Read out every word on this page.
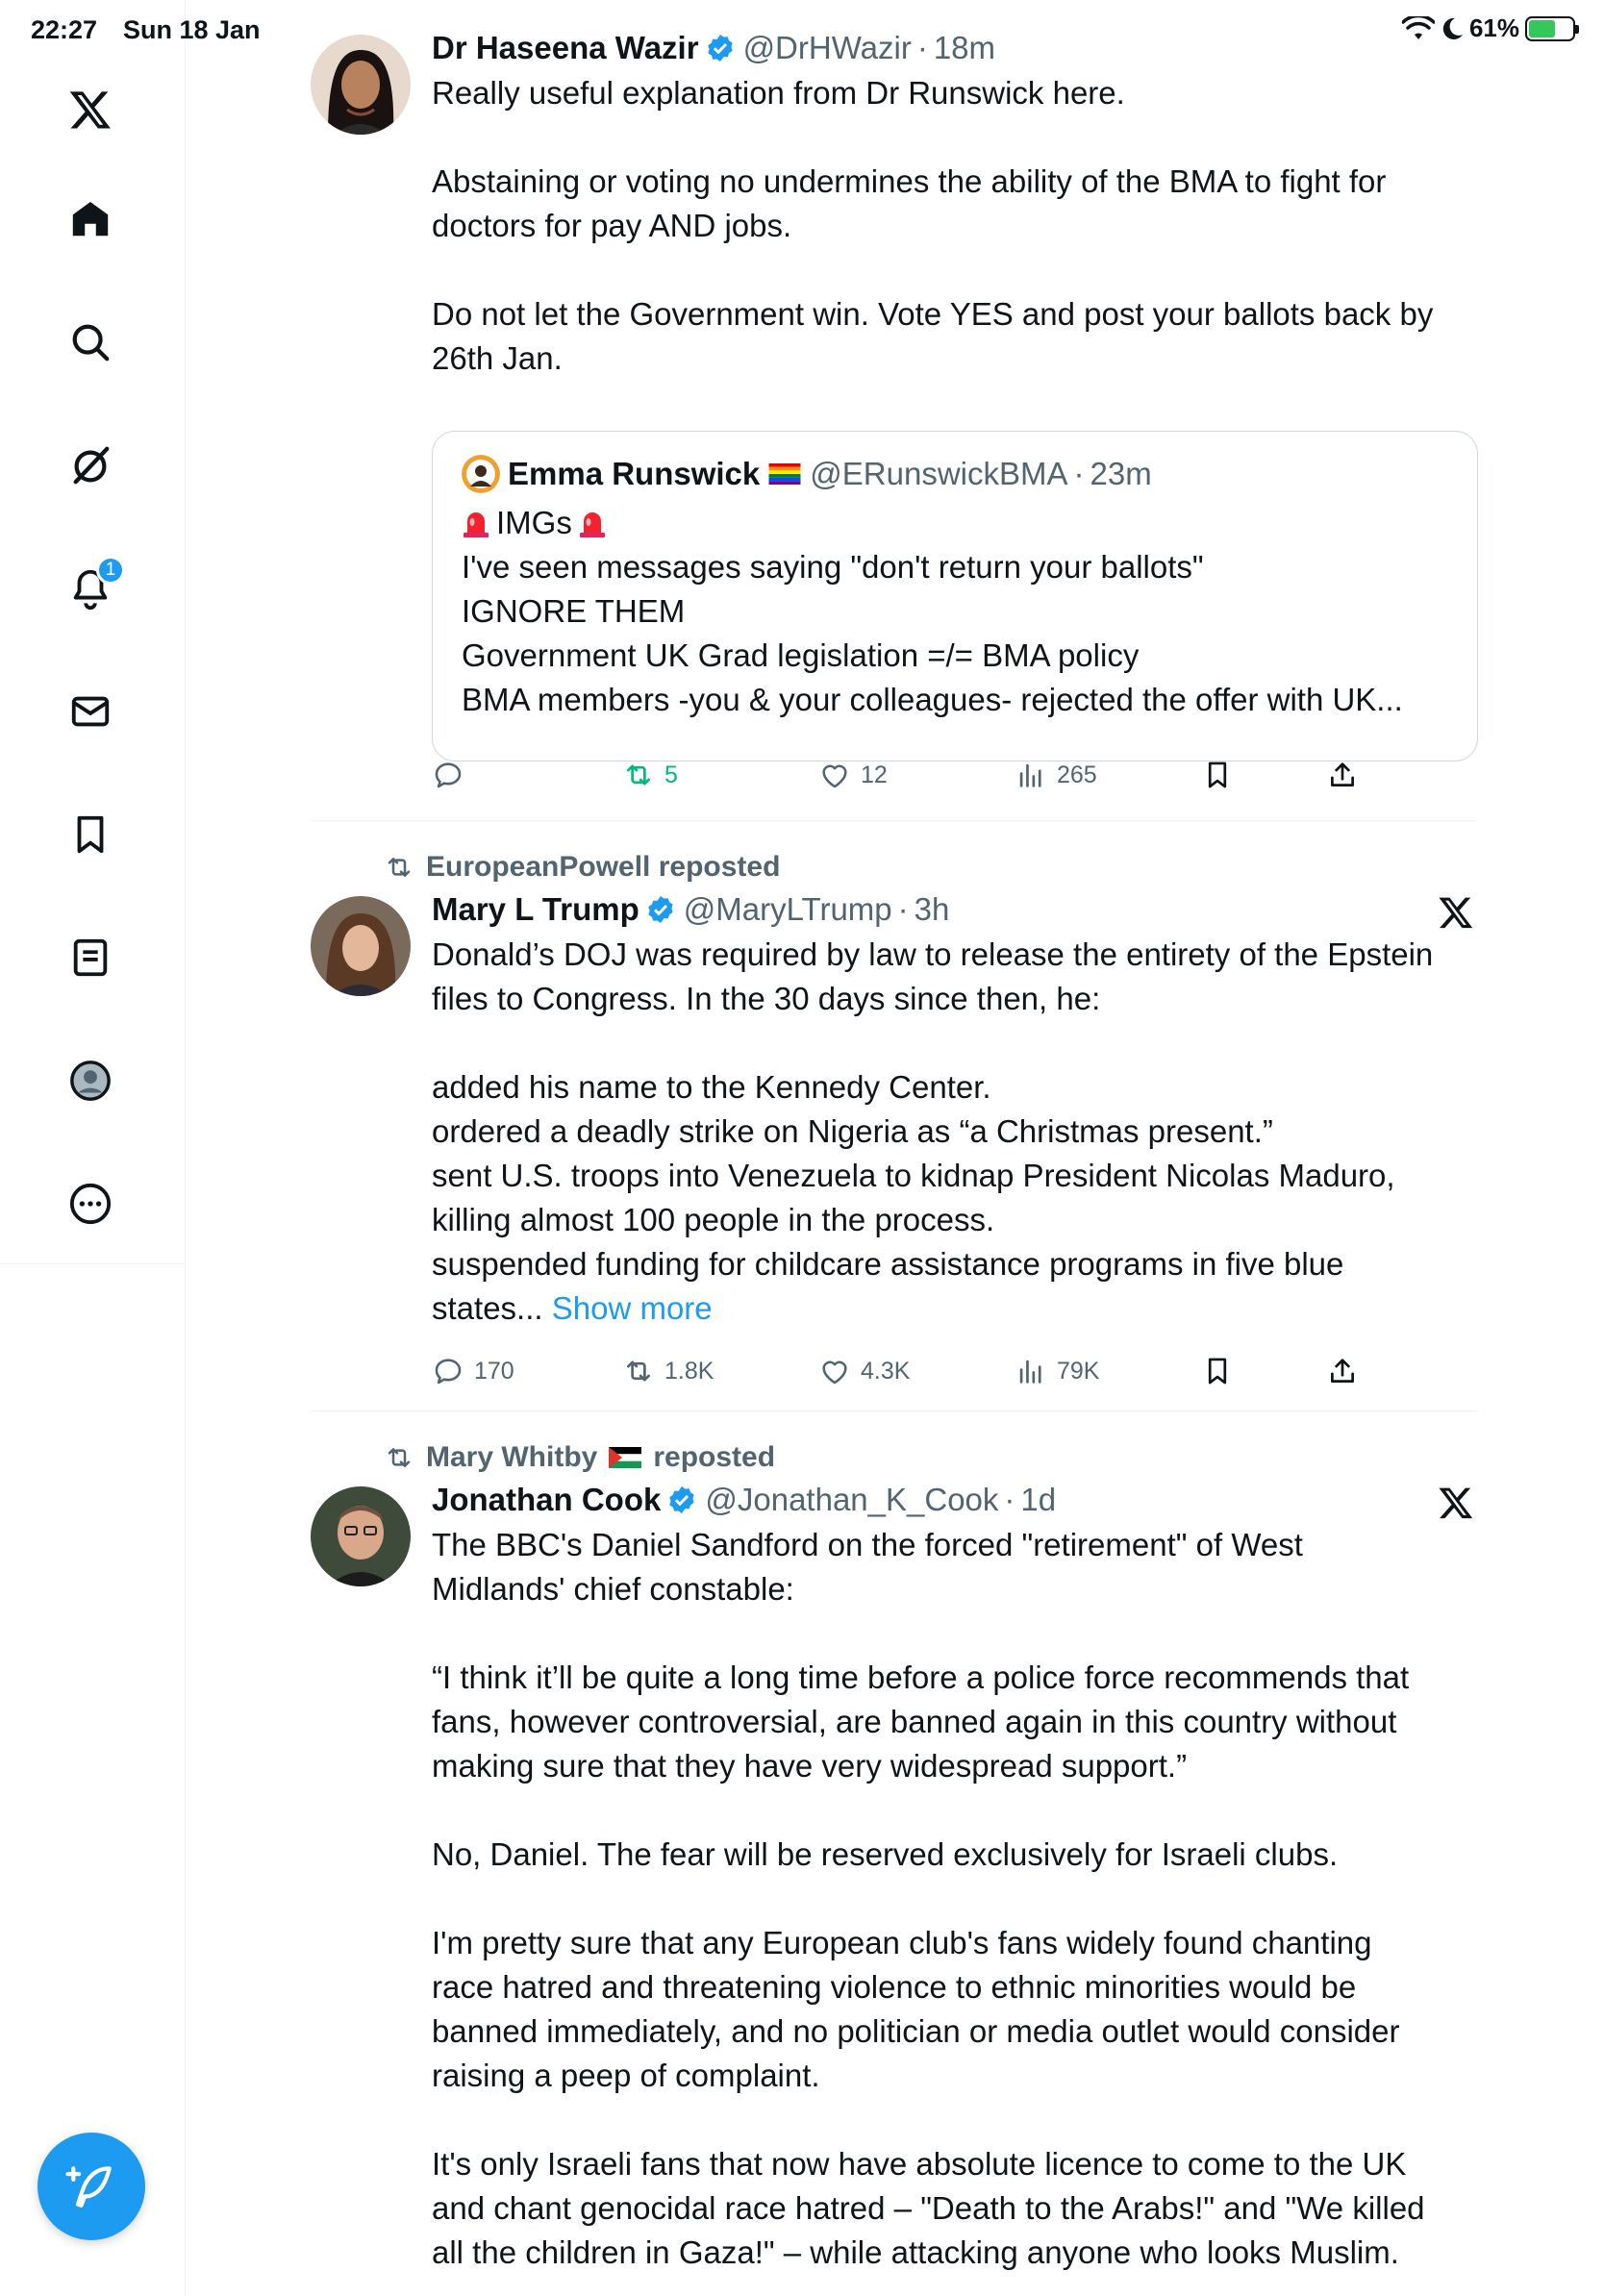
22:27 Sun 18 Jan	61%
1
Dr Haseena Wazir @DrHWazir · 18m

Really useful explanation from Dr Runswick here.

Abstaining or voting no undermines the ability of the BMA to fight for

doctors for pay AND jobs.

Do not let the Government win. Vote YES and post your ballots back by

26th Jan.

Emma Runswick @ERunswickBMA · 23m

IMGs

I've seen messages saying "don't return your ballots"

IGNORE THEM

Government UK Grad legislation =/= BMA policy

BMA members -you & your colleagues- rejected the offer with UK...

5	12	265
EuropeanPowell reposted
Mary L Trump @MaryLTrump · 3h

Donald’s DOJ was required by law to release the entirety of the Epstein

files to Congress. In the 30 days since then, he:

added his name to the Kennedy Center.

ordered a deadly strike on Nigeria as “a Christmas present.”

sent U.S. troops into Venezuela to kidnap President Nicolas Maduro,

killing almost 100 people in the process.

suspended funding for childcare assistance programs in five blue

states... Show more

170	1.8K	4.3K	79K
Mary Whitby reposted
Jonathan Cook @Jonathan_K_Cook · 1d

The BBC's Daniel Sandford on the forced "retirement" of West

Midlands' chief constable:

“I think it’ll be quite a long time before a police force recommends that

fans, however controversial, are banned again in this country without

making sure that they have very widespread support.”

No, Daniel. The fear will be reserved exclusively for Israeli clubs.

I'm pretty sure that any European club's fans widely found chanting

race hatred and threatening violence to ethnic minorities would be

banned immediately, and no politician or media outlet would consider

raising a peep of complaint.

It's only Israeli fans that now have absolute licence to come to the UK

and chant genocidal race hatred – "Death to the Arabs!" and "We killed

all the children in Gaza!" – while attacking anyone who looks Muslim.
